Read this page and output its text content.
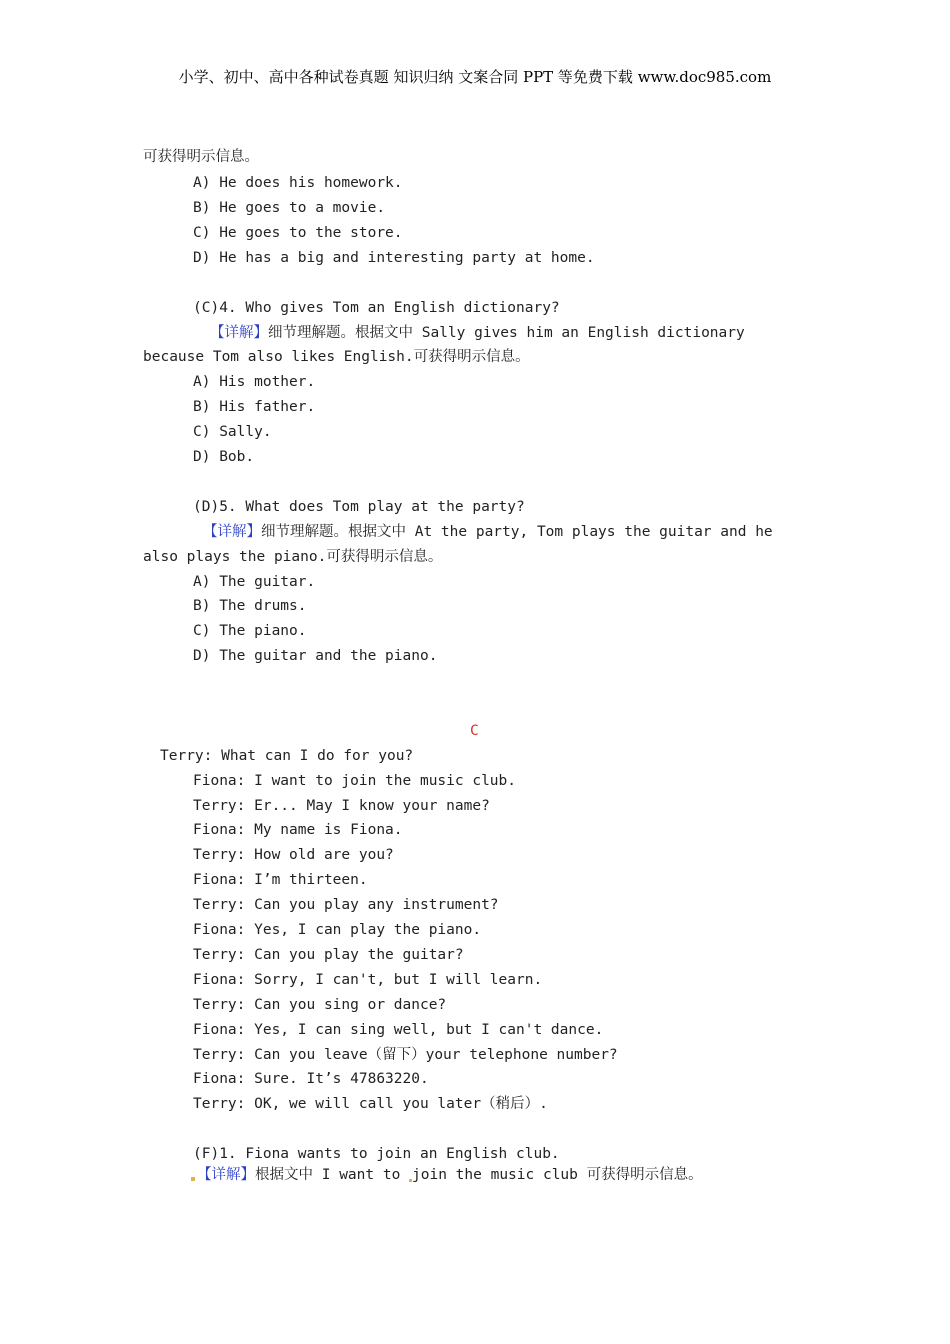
小学、初中、高中各种试卷真题 知识归纳 文案合同 PPT 等免费下载 www.doc985.com
可获得明示信息。
A) He does his homework.
B) He goes to a movie.
C) He goes to the store.
D) He has a big and interesting party at home.
(C)4. Who gives Tom an English dictionary?
【详解】细节理解题。根据文中 Sally gives him an English dictionary
because Tom also likes English.可获得明示信息。
A) His mother.
B) His father.
C) Sally.
D) Bob.
(D)5. What does Tom play at the party?
【详解】细节理解题。根据文中 At the party, Tom plays the guitar and he
also plays the piano.可获得明示信息。
A) The guitar.
B) The drums.
C) The piano.
D) The guitar and the piano.
C
Terry: What can I do for you?
Fiona: I want to join the music club.
Terry: Er... May I know your name?
Fiona: My name is Fiona.
Terry: How old are you?
Fiona: I’m thirteen.
Terry: Can you play any instrument?
Fiona: Yes, I can play the piano.
Terry: Can you play the guitar?
Fiona: Sorry, I can't, but I will learn.
Terry: Can you sing or dance?
Fiona: Yes, I can sing well, but I can't dance.
Terry: Can you leave（留下）your telephone number?
Fiona: Sure. It’s 47863220.
Terry: OK, we will call you later（稍后）.
(F)1. Fiona wants to join an English club.
【详解】根据文中 I want to join the music club 可获得明示信息。
